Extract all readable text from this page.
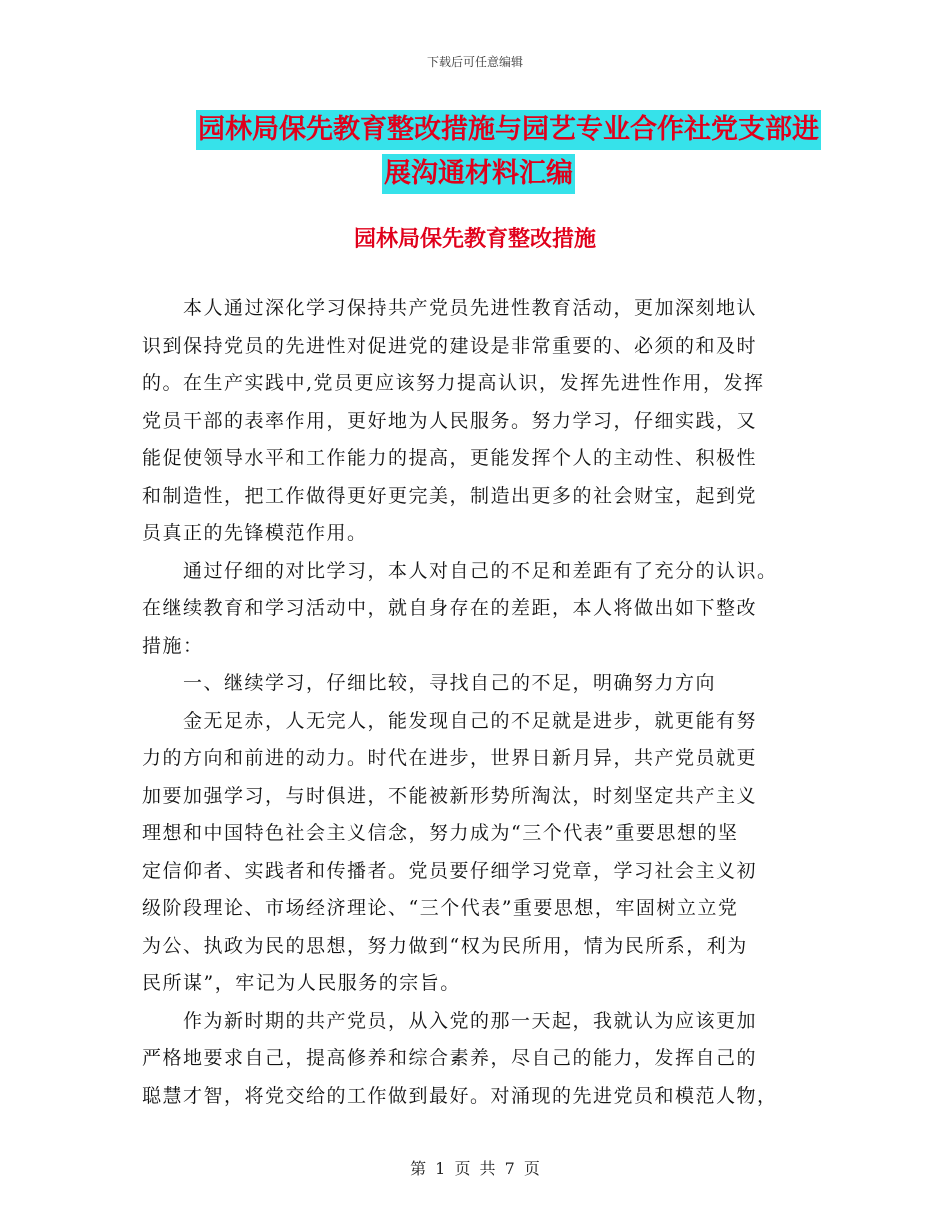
下载后可任意编辑
园林局保先教育整改措施与园艺专业合作社党支部进
展沟通材料汇编
园林局保先教育整改措施
　　本人通过深化学习保持共产党员先进性教育活动，更加深刻地认
识到保持党员的先进性对促进党的建设是非常重要的、必须的和及时
的。在生产实践中,党员更应该努力提高认识，发挥先进性作用，发挥
党员干部的表率作用，更好地为人民服务。努力学习，仔细实践，又
能促使领导水平和工作能力的提高，更能发挥个人的主动性、积极性
和制造性，把工作做得更好更完美，制造出更多的社会财宝，起到党
员真正的先锋模范作用。
　　通过仔细的对比学习，本人对自己的不足和差距有了充分的认识。
在继续教育和学习活动中，就自身存在的差距，本人将做出如下整改
措施：
　　一、继续学习，仔细比较，寻找自己的不足，明确努力方向
　　金无足赤，人无完人，能发现自己的不足就是进步，就更能有努
力的方向和前进的动力。时代在进步，世界日新月异，共产党员就更
加要加强学习，与时俱进，不能被新形势所淘汰，时刻坚定共产主义
理想和中国特色社会主义信念，努力成为“三个代表”重要思想的坚
定信仰者、实践者和传播者。党员要仔细学习党章，学习社会主义初
级阶段理论、市场经济理论、“三个代表”重要思想，牢固树立立党
为公、执政为民的思想，努力做到“权为民所用，情为民所系，利为
民所谋”，牢记为人民服务的宗旨。
　　作为新时期的共产党员，从入党的那一天起，我就认为应该更加
严格地要求自己，提高修养和综合素养，尽自己的能力，发挥自己的
聪慧才智，将党交给的工作做到最好。对涌现的先进党员和模范人物，
第 1 页 共 7 页
